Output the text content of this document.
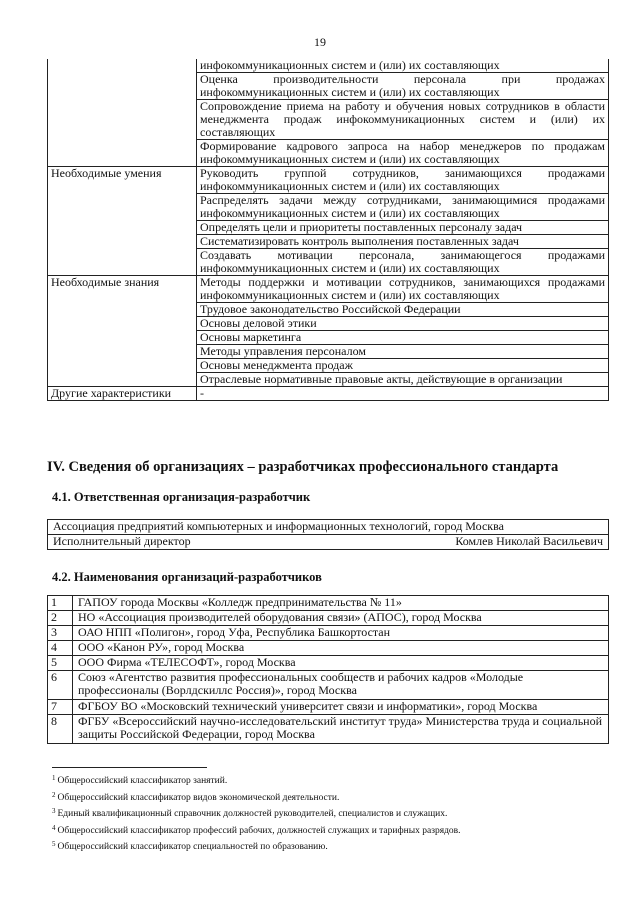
19
	инфокоммуникационных систем и (или) их составляющих
	Оценка производительности персонала при продажах инфокоммуникационных систем и (или) их составляющих
	Сопровождение приема на работу и обучения новых сотрудников в области менеджмента продаж инфокоммуникационных систем и (или) их составляющих
	Формирование кадрового запроса на набор менеджеров по продажам инфокоммуникационных систем и (или) их составляющих
Необходимые умения	Руководить группой сотрудников, занимающихся продажами инфокоммуникационных систем и (или) их составляющих
	Распределять задачи между сотрудниками, занимающимися продажами инфокоммуникационных систем и (или) их составляющих
	Определять цели и приоритеты поставленных персоналу задач
	Систематизировать контроль выполнения поставленных задач
	Создавать мотивации персонала, занимающегося продажами инфокоммуникационных систем и (или) их составляющих
Необходимые знания	Методы поддержки и мотивации сотрудников, занимающихся продажами инфокоммуникационных систем и (или) их составляющих
	Трудовое законодательство Российской Федерации
	Основы деловой этики
	Основы маркетинга
	Методы управления персоналом
	Основы менеджмента продаж
	Отраслевые нормативные правовые акты, действующие в организации
Другие характеристики	-
IV. Сведения об организациях – разработчиках профессионального стандарта
4.1. Ответственная организация-разработчик
Ассоциация предприятий компьютерных и информационных технологий, город Москва

Исполнительный директор	Комлев Николай Васильевич
4.2. Наименования организаций-разработчиков
1	ГАПОУ города Москвы «Колледж предпринимательства № 11»
2	НО «Ассоциация производителей оборудования связи» (АПОС), город Москва
3	ОАО НПП «Полигон», город Уфа, Республика Башкортостан
4	ООО «Канон РУ», город Москва
5	ООО Фирма «ТЕЛЕСОФТ», город Москва
6	Союз «Агентство развития профессиональных сообществ и рабочих кадров «Молодые профессионалы (Ворлдскиллс Россия)», город Москва
7	ФГБОУ ВО «Московский технический университет связи и информатики», город Москва
8	ФГБУ «Всероссийский научно-исследовательский институт труда» Министерства труда и социальной защиты Российской Федерации, город Москва
$^1$ Общероссийский классификатор занятий.
$^2$ Общероссийский классификатор видов экономической деятельности.
$^3$ Единый квалификационный справочник должностей руководителей, специалистов и служащих.
$^4$ Общероссийский классификатор профессий рабочих, должностей служащих и тарифных разрядов.
$^5$ Общероссийский классификатор специальностей по образованию.
